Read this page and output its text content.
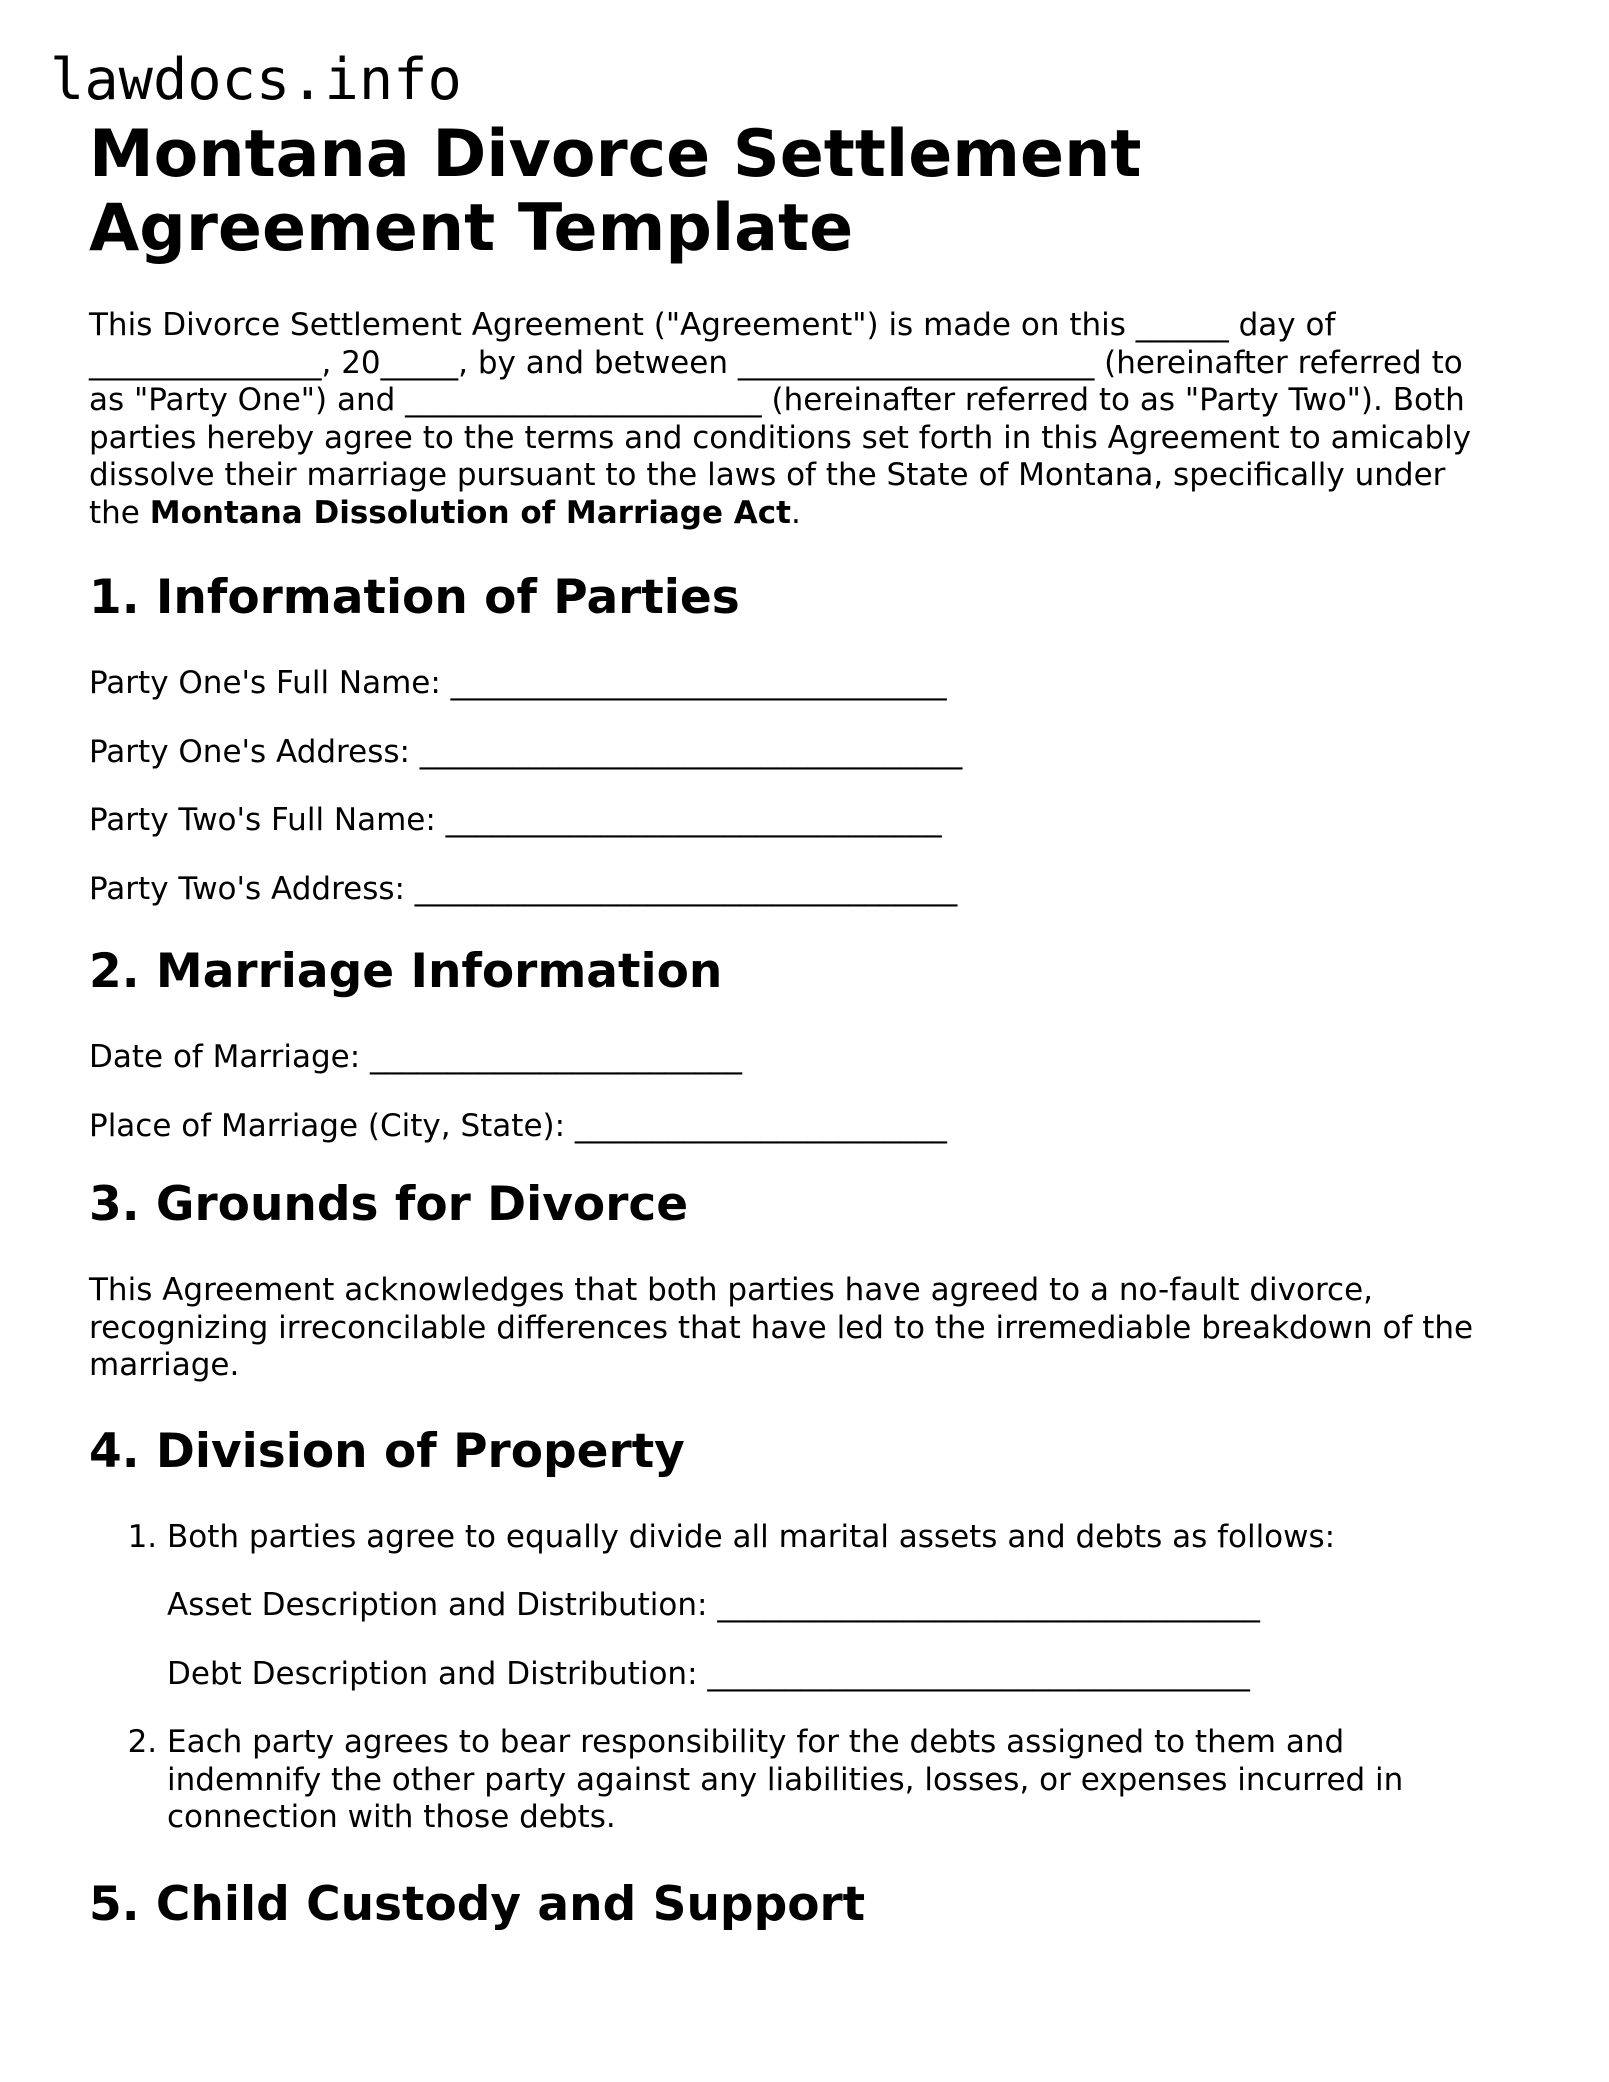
lawdocs.info
Montana Divorce Settlement Agreement Template

This Divorce Settlement Agreement ("Agreement") is made on this ______ day of
_______________, 20_____, by and between _______________________ (hereinafter referred to
as "Party One") and _______________________ (hereinafter referred to as "Party Two"). Both
parties hereby agree to the terms and conditions set forth in this Agreement to amicably
dissolve their marriage pursuant to the laws of the State of Montana, specifically under
the Montana Dissolution of Marriage Act.

1. Information of Parties

Party One's Full Name: ________________________________

Party One's Address: ___________________________________

Party Two's Full Name: ________________________________

Party Two's Address: ___________________________________

2. Marriage Information

Date of Marriage: ________________________

Place of Marriage (City, State): ________________________

3. Grounds for Divorce

This Agreement acknowledges that both parties have agreed to a no-fault divorce,
recognizing irreconcilable differences that have led to the irremediable breakdown of the
marriage.

4. Division of Property
1. Both parties agree to equally divide all marital assets and debts as follows:

Asset Description and Distribution: ___________________________________

Debt Description and Distribution: ___________________________________

2. Each party agrees to bear responsibility for the debts assigned to them and
indemnify the other party against any liabilities, losses, or expenses incurred in
connection with those debts.
5. Child Custody and Support
